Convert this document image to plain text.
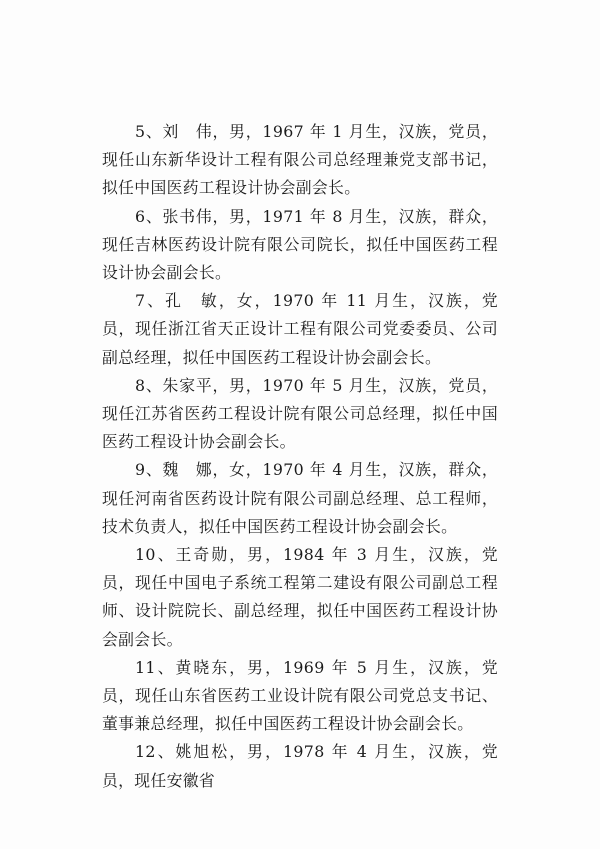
5、刘　伟，男，1967 年 1 月生，汉族，党员，现任山东新华设计工程有限公司总经理兼党支部书记，拟任中国医药工程设计协会副会长。

6、张书伟，男，1971 年 8 月生，汉族，群众，现任吉林医药设计院有限公司院长，拟任中国医药工程设计协会副会长。

7、孔　敏，女，1970 年 11 月生，汉族，党员，现任浙江省天正设计工程有限公司党委委员、公司副总经理，拟任中国医药工程设计协会副会长。

8、朱家平，男，1970 年 5 月生，汉族，党员，现任江苏省医药工程设计院有限公司总经理，拟任中国医药工程设计协会副会长。

9、魏　娜，女，1970 年 4 月生，汉族，群众，现任河南省医药设计院有限公司副总经理、总工程师，技术负责人，拟任中国医药工程设计协会副会长。

10、王奇勋，男，1984 年 3 月生，汉族，党员，现任中国电子系统工程第二建设有限公司副总工程师、设计院院长、副总经理，拟任中国医药工程设计协会副会长。

11、黄晓东，男，1969 年 5 月生，汉族，党员，现任山东省医药工业设计院有限公司党总支书记、董事兼总经理，拟任中国医药工程设计协会副会长。

12、姚旭松，男，1978 年 4 月生，汉族，党员，现任安徽省
